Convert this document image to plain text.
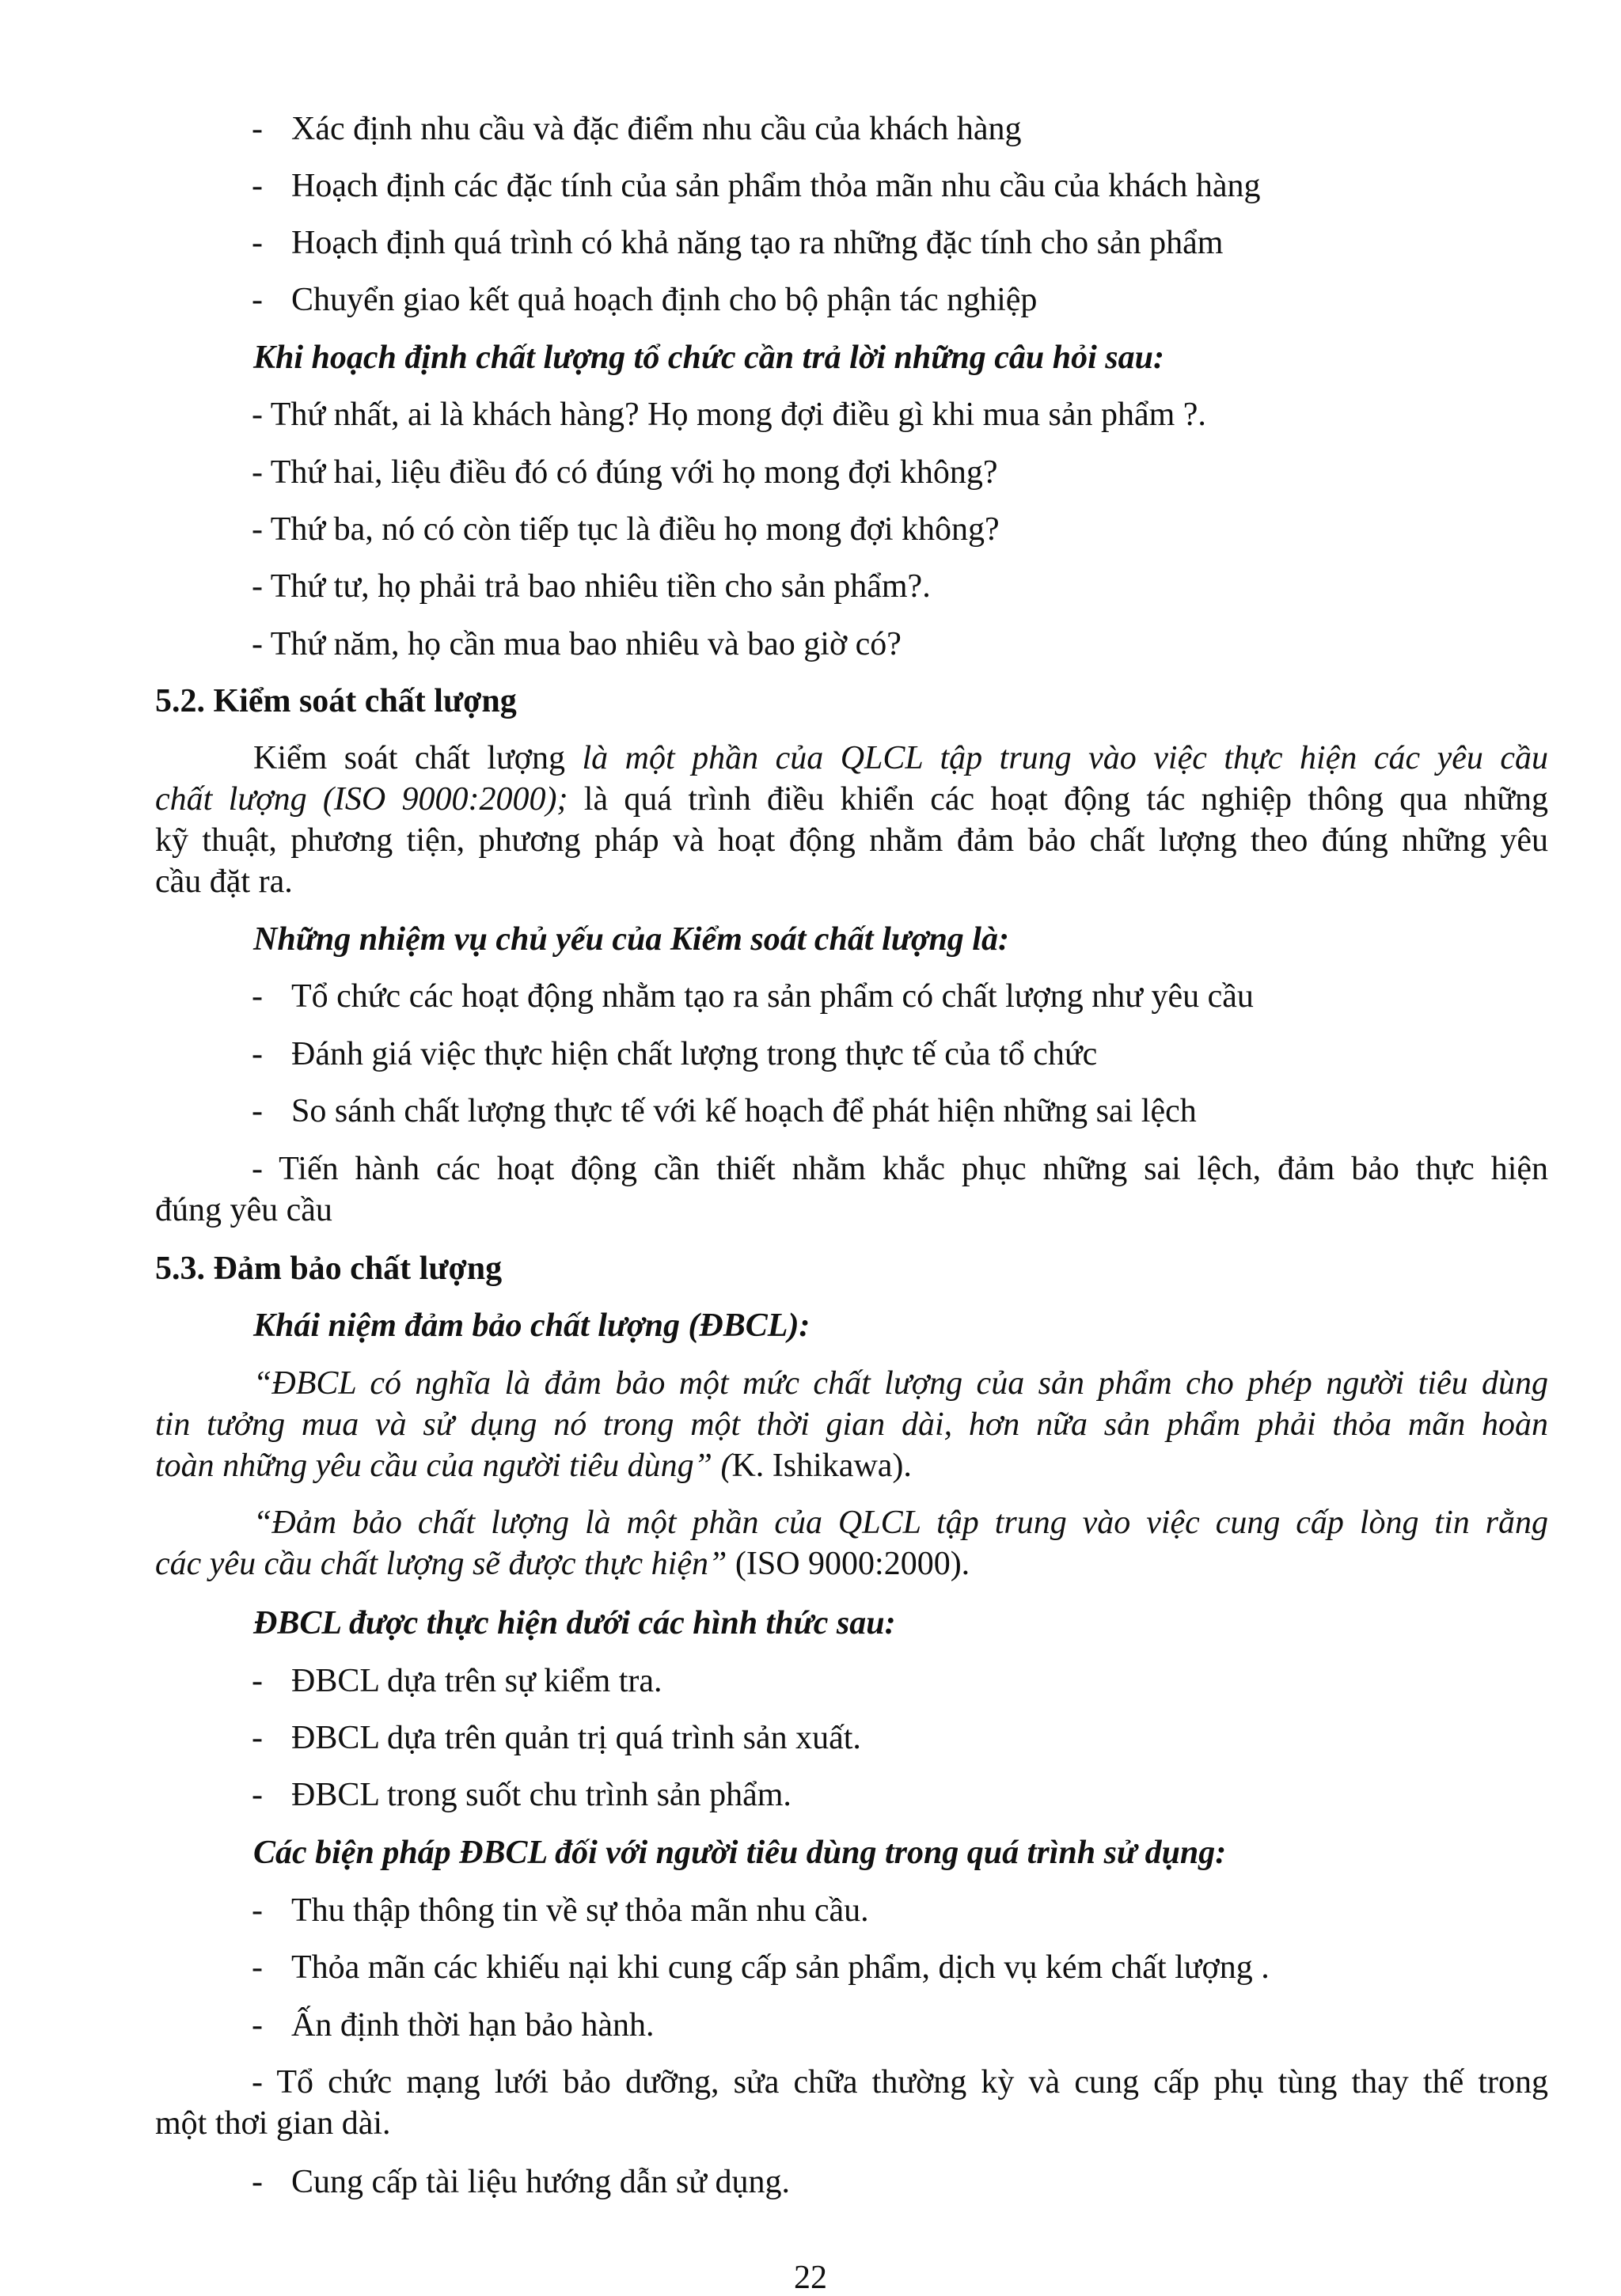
- Xác định nhu cầu và đặc điểm nhu cầu của khách hàng

- Hoạch định các đặc tính của sản phẩm thỏa mãn nhu cầu của khách hàng

- Hoạch định quá trình có khả năng tạo ra những đặc tính cho sản phẩm

- Chuyển giao kết quả hoạch định cho bộ phận tác nghiệp

Khi hoạch định chất lượng tổ chức cần trả lời những câu hỏi sau:

- Thứ nhất, ai là khách hàng? Họ mong đợi điều gì khi mua sản phẩm ?.

- Thứ hai, liệu điều đó có đúng với họ mong đợi không?

- Thứ ba, nó có còn tiếp tục là điều họ mong đợi không?

- Thứ tư, họ phải trả bao nhiêu tiền cho sản phẩm?.

- Thứ năm, họ cần mua bao nhiêu và bao giờ có?

5.2. Kiểm soát chất lượng

Kiểm soát chất lượng là một phần của QLCL tập trung vào việc thực hiện các yêu cầu
chất lượng (ISO 9000:2000); là quá trình điều khiển các hoạt động tác nghiệp thông qua những
kỹ thuật, phương tiện, phương pháp và hoạt động nhằm đảm bảo chất lượng theo đúng những yêu
cầu đặt ra.

Những nhiệm vụ chủ yếu của Kiểm soát chất lượng là:

- Tổ chức các hoạt động nhằm tạo ra sản phẩm có chất lượng như yêu cầu

- Đánh giá việc thực hiện chất lượng trong thực tế của tổ chức

- So sánh chất lượng thực tế với kế hoạch để phát hiện những sai lệch

- Tiến hành các hoạt động cần thiết nhằm khắc phục những sai lệch, đảm bảo thực hiện
đúng yêu cầu

5.3. Đảm bảo chất lượng

Khái niệm đảm bảo chất lượng (ĐBCL):

“ĐBCL có nghĩa là đảm bảo một mức chất lượng của sản phẩm cho phép người tiêu dùng
tin tưởng mua và sử dụng nó trong một thời gian dài, hơn nữa sản phẩm phải thỏa mãn hoàn
toàn những yêu cầu của người tiêu dùng” (K. Ishikawa).
“Đảm bảo chất lượng là một phần của QLCL tập trung vào việc cung cấp lòng tin rằng
các yêu cầu chất lượng sẽ được thực hiện” (ISO 9000:2000).

ĐBCL được thực hiện dưới các hình thức sau:

- ĐBCL dựa trên sự kiểm tra.

- ĐBCL dựa trên quản trị quá trình sản xuất.

- ĐBCL trong suốt chu trình sản phẩm.

Các biện pháp ĐBCL đối với người tiêu dùng trong quá trình sử dụng:

- Thu thập thông tin về sự thỏa mãn nhu cầu.

- Thỏa mãn các khiếu nại khi cung cấp sản phẩm, dịch vụ kém chất lượng .

- Ấn định thời hạn bảo hành.

- Tổ chức mạng lưới bảo dưỡng, sửa chữa thường kỳ và cung cấp phụ tùng thay thế trong
một thơi gian dài.
- Cung cấp tài liệu hướng dẫn sử dụng.

22
